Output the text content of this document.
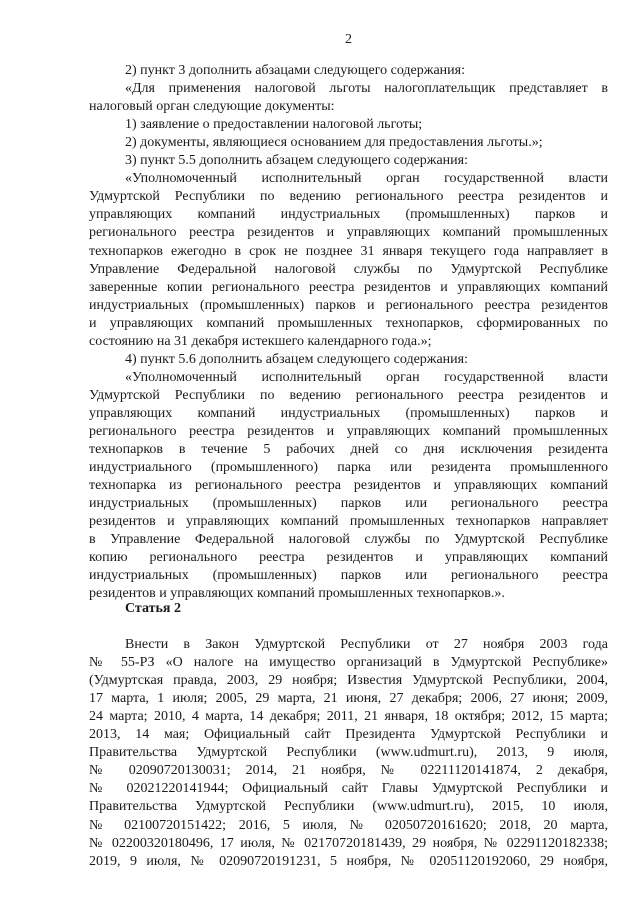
2
2) пункт 3 дополнить абзацами следующего содержания:
«Для применения налоговой льготы налогоплательщик представляет в
налоговый орган следующие документы:
1) заявление о предоставлении налоговой льготы;
2) документы, являющиеся основанием для предоставления льготы.»;
3) пункт 5.5 дополнить абзацем следующего содержания:
«Уполномоченный исполнительный орган государственной власти
Удмуртской Республики по ведению регионального реестра резидентов и
управляющих компаний индустриальных (промышленных) парков и
регионального реестра резидентов и управляющих компаний промышленных
технопарков ежегодно в срок не позднее 31 января текущего года направляет в
Управление Федеральной налоговой службы по Удмуртской Республике
заверенные копии регионального реестра резидентов и управляющих компаний
индустриальных (промышленных) парков и регионального реестра резидентов
и управляющих компаний промышленных технопарков, сформированных по
состоянию на 31 декабря истекшего календарного года.»;
4) пункт 5.6 дополнить абзацем следующего содержания:
«Уполномоченный исполнительный орган государственной власти
Удмуртской Республики по ведению регионального реестра резидентов и
управляющих компаний индустриальных (промышленных) парков и
регионального реестра резидентов и управляющих компаний промышленных
технопарков в течение 5 рабочих дней со дня исключения резидента
индустриального (промышленного) парка или резидента промышленного
технопарка из регионального реестра резидентов и управляющих компаний
индустриальных (промышленных) парков или регионального реестра
резидентов и управляющих компаний промышленных технопарков направляет
в Управление Федеральной налоговой службы по Удмуртской Республике
копию регионального реестра резидентов и управляющих компаний
индустриальных (промышленных) парков или регионального реестра
резидентов и управляющих компаний промышленных технопарков.».
Статья 2
Внести в Закон Удмуртской Республики от 27 ноября 2003 года
№ 55-РЗ «О налоге на имущество организаций в Удмуртской Республике»
(Удмуртская правда, 2003, 29 ноября; Известия Удмуртской Республики, 2004,
17 марта, 1 июля; 2005, 29 марта, 21 июня, 27 декабря; 2006, 27 июня; 2009,
24 марта; 2010, 4 марта, 14 декабря; 2011, 21 января, 18 октября; 2012, 15 марта;
2013, 14 мая; Официальный сайт Президента Удмуртской Республики и
Правительства Удмуртской Республики (www.udmurt.ru), 2013, 9 июля,
№ 02090720130031; 2014, 21 ноября, № 02211120141874, 2 декабря,
№ 02021220141944; Официальный сайт Главы Удмуртской Республики и
Правительства Удмуртской Республики (www.udmurt.ru), 2015, 10 июля,
№ 02100720151422; 2016, 5 июля, № 02050720161620; 2018, 20 марта,
№ 02200320180496, 17 июля, № 02170720181439, 29 ноября, № 02291120182338;
2019, 9 июля, № 02090720191231, 5 ноября, № 02051120192060, 29 ноября,
